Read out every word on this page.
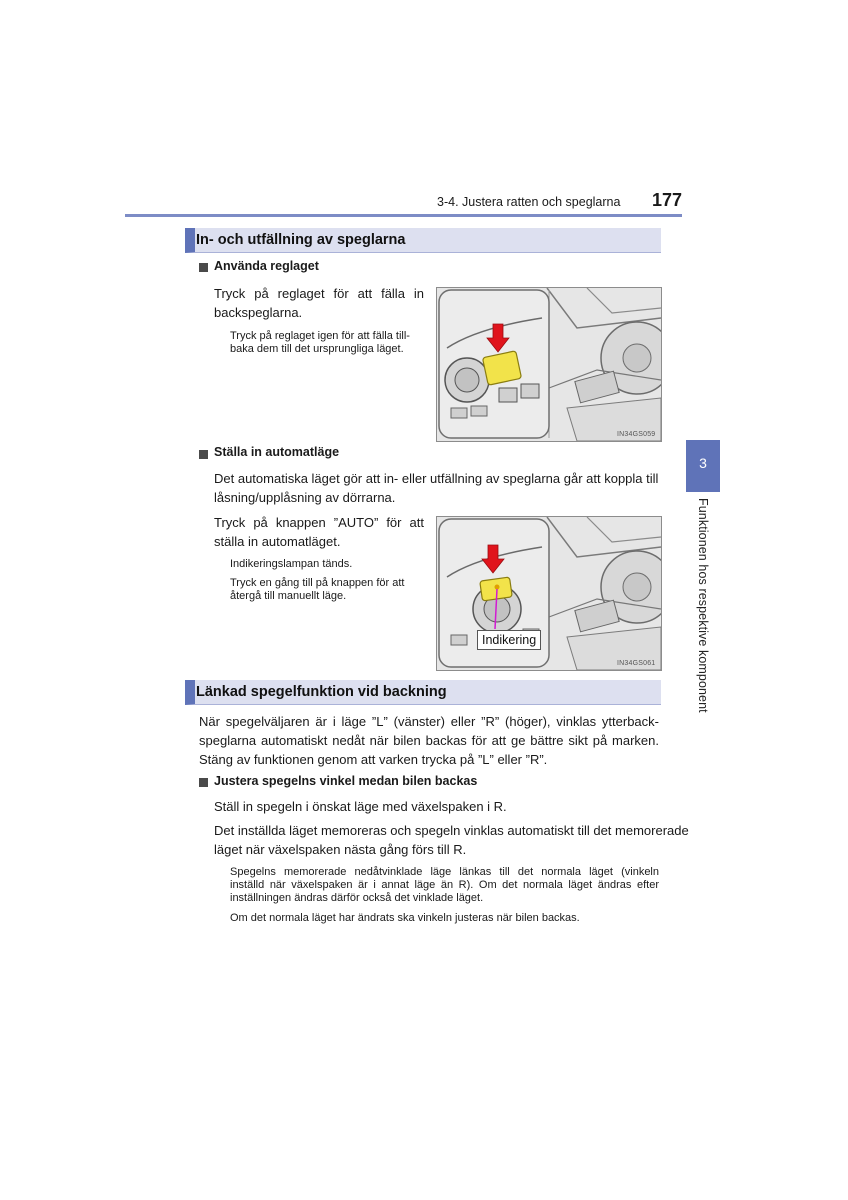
3-4. Justera ratten och speglarna 177
3
Funktionen hos respektive komponent
In- och utfällning av speglarna
Använda reglaget
Tryck på reglaget för att fälla in
backspeglarna.
Tryck på reglaget igen för att fälla till-
baka dem till det ursprungliga läget.
IN34GS059
Ställa in automatläge
Det automatiska läget gör att in- eller utfällning av speglarna går att koppla till
låsning/upplåsning av dörrarna.
Tryck på knappen ”AUTO” för att
ställa in automatläget.
Indikeringslampan tänds.
Tryck en gång till på knappen för att
återgå till manuellt läge.
Indikering
IN34GS061
Länkad spegelfunktion vid backning
När spegelväljaren är i läge ”L” (vänster) eller ”R” (höger), vinklas ytterback-
speglarna automatiskt nedåt när bilen backas för att ge bättre sikt på marken.
Stäng av funktionen genom att varken trycka på ”L” eller ”R”.
Justera spegelns vinkel medan bilen backas
Ställ in spegeln i önskat läge med växelspaken i R.
Det inställda läget memoreras och spegeln vinklas automatiskt till det memorerade
läget när växelspaken nästa gång förs till R.
Spegelns memorerade nedåtvinklade läge länkas till det normala läget (vinkeln
inställd när växelspaken är i annat läge än R). Om det normala läget ändras efter
inställningen ändras därför också det vinklade läget.
Om det normala läget har ändrats ska vinkeln justeras när bilen backas.
